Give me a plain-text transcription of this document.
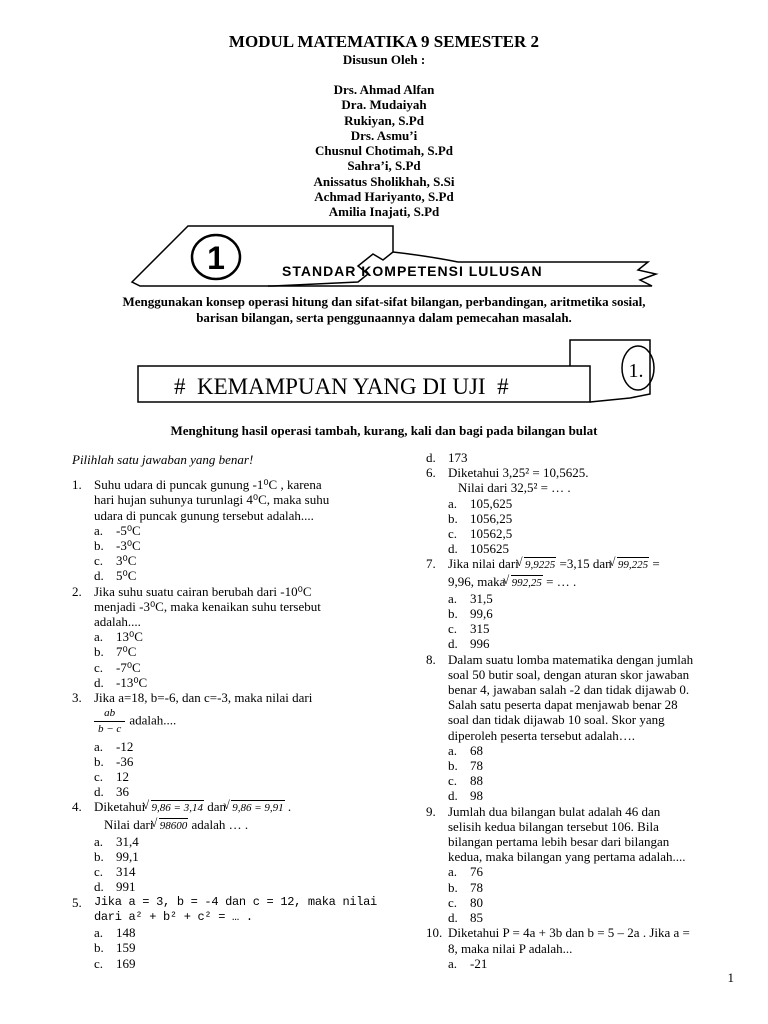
MODUL MATEMATIKA 9 SEMESTER 2
Disusun Oleh :
Drs. Ahmad Alfan
Dra. Mudaiyah
Rukiyan, S.Pd
Drs. Asmu’i
Chusnul Chotimah, S.Pd
Sahra’i, S.Pd
Anissatus Sholikhah, S.Si
Achmad Hariyanto, S.Pd
Amilia Inajati, S.Pd
1	STANDAR KOMPETENSI LULUSAN
Menggunakan konsep operasi hitung dan sifat-sifat bilangan, perbandingan, aritmetika sosial,
barisan bilangan, serta penggunaannya dalam pemecahan masalah.
1.
#  KEMAMPUAN YANG DI UJI  #
Menghitung hasil operasi tambah, kurang, kali dan bagi pada bilangan bulat
Pilihlah satu jawaban yang benar!
1. Suhu udara di puncak gunung -1⁰C , karena
hari hujan suhunya turunlagi 4⁰C, maka suhu
udara di puncak gunung tersebut adalah....
a. -5⁰C
b. -3⁰C
c. 3⁰C
d. 5⁰C
2. Jika suhu suatu cairan berubah dari -10⁰C
menjadi -3⁰C, maka kenaikan suhu tersebut
adalah....
a. 13⁰C
b. 7⁰C
c. -7⁰C
d. -13⁰C
3. Jika a=18, b=-6, dan c=-3, maka nilai dari
$\frac{ab}{b - c}$ adalah....
a. -12
b. -36
c. 12
d. 36
4. Diketahui √ 9,86 = 3,14 dan √ 9,86 = 9,91 .
Nilai dari √ 98600 adalah … .
a. 31,4
b. 99,1
c. 314
d. 991
5. Jika a = 3, b = -4 dan c = 12, maka nilai
dari a² + b² + c² = … .
a. 148
b. 159
c. 169
d. 173
6. Diketahui 3,25² = 10,5625.
Nilai dari 32,5² = … .
a. 105,625
b. 1056,25
c. 10562,5
d. 105625
7. Jika nilai dari √ 9,9225 =3,15 dan √ 99,225 =
9,96, maka √ 992,25 = … .
a. 31,5
b. 99,6
c. 315
d. 996
8. Dalam suatu lomba matematika dengan jumlah
soal 50 butir soal, dengan aturan skor jawaban
benar 4, jawaban salah -2 dan tidak dijawab 0.
Salah satu peserta dapat menjawab benar 28
soal dan tidak dijawab 10 soal. Skor yang
diperoleh peserta tersebut adalah….
a. 68
b. 78
c. 88
d. 98
9. Jumlah dua bilangan bulat adalah 46 dan
selisih kedua bilangan tersebut 106. Bila
bilangan pertama lebih besar dari bilangan
kedua, maka bilangan yang pertama adalah....
a. 76
b. 78
c. 80
d. 85
10. Diketahui P = 4a + 3b dan b = 5 – 2a . Jika a =
8, maka nilai P adalah...
a. -21
1
